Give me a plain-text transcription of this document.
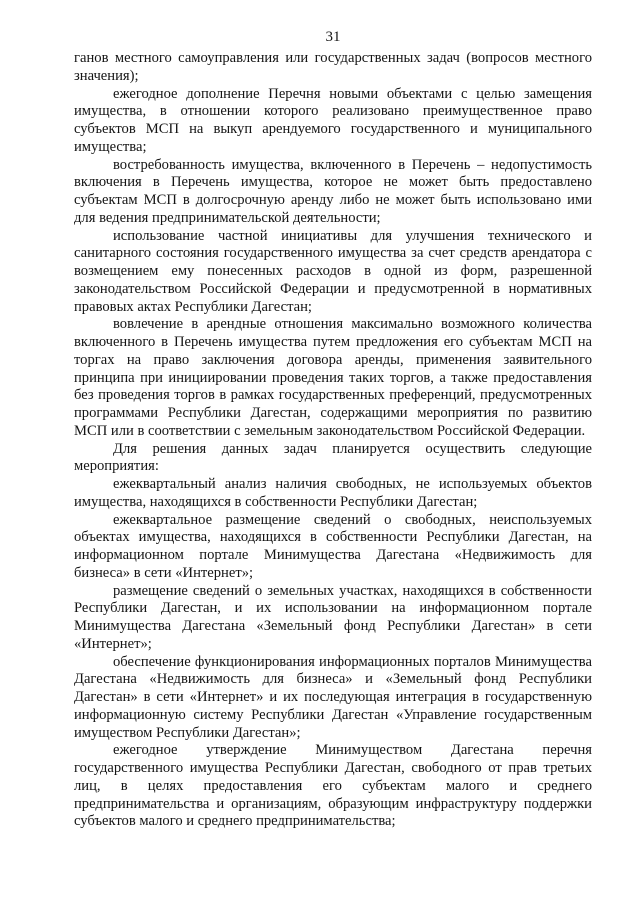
31

ганов местного самоуправления или государственных задач (вопросов местного значения);

ежегодное дополнение Перечня новыми объектами с целью замещения имущества, в отношении которого реализовано преимущественное право субъектов МСП на выкуп арендуемого государственного и муниципального имущества;

востребованность имущества, включенного в Перечень – недопустимость включения в Перечень имущества, которое не может быть предоставлено субъектам МСП в долгосрочную аренду либо не может быть использовано ими для ведения предпринимательской деятельности;

использование частной инициативы для улучшения технического и санитарного состояния государственного имущества за счет средств арендатора с возмещением ему понесенных расходов в одной из форм, разрешенной законодательством Российской Федерации и предусмотренной в нормативных правовых актах Республики Дагестан;

вовлечение в арендные отношения максимально возможного количества включенного в Перечень имущества путем предложения его субъектам МСП на торгах на право заключения договора аренды, применения заявительного принципа при инициировании проведения таких торгов, а также предоставления без проведения торгов в рамках государственных преференций, предусмотренных программами Республики Дагестан, содержащими мероприятия по развитию МСП или в соответствии с земельным законодательством Российской Федерации.

Для решения данных задач планируется осуществить следующие мероприятия:

ежеквартальный анализ наличия свободных, не используемых объектов имущества, находящихся в собственности Республики Дагестан;

ежеквартальное размещение сведений о свободных, неиспользуемых объектах имущества, находящихся в собственности Республики Дагестан, на информационном портале Минимущества Дагестана «Недвижимость для бизнеса» в сети «Интернет»;

размещение сведений о земельных участках, находящихся в собственности Республики Дагестан, и их использовании на информационном портале Минимущества Дагестана «Земельный фонд Республики Дагестан» в сети «Интернет»;

обеспечение функционирования информационных порталов Минимущества Дагестана «Недвижимость для бизнеса» и «Земельный фонд Республики Дагестан» в сети «Интернет» и их последующая интеграция в государственную информационную систему Республики Дагестан «Управление государственным имуществом Республики Дагестан»;

ежегодное утверждение Минимуществом Дагестана перечня государственного имущества Республики Дагестан, свободного от прав третьих лиц, в целях предоставления его субъектам малого и среднего предпринимательства и организациям, образующим инфраструктуру поддержки субъектов малого и среднего предпринимательства;
